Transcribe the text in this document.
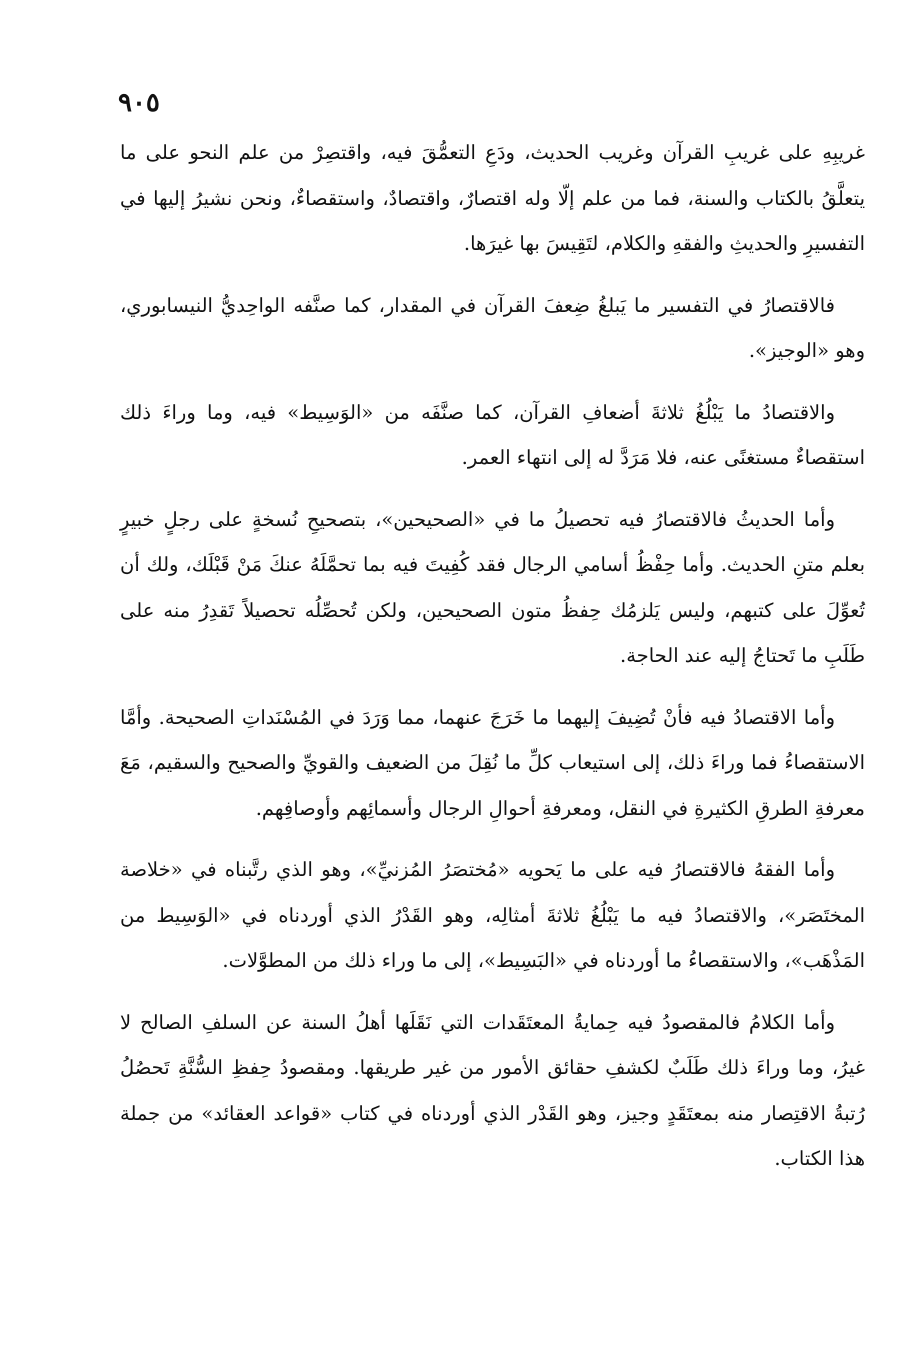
٩٠٥

غريبِهِ على غريبِ القرآن وغريب الحديث، ودَعِ التعمُّقَ فيه، واقتصِرْ من علم النحو على ما يتعلَّقُ بالكتاب والسنة، فما من علم إلّا وله اقتصارٌ، واقتصادٌ، واستقصاءٌ، ونحن نشيرُ إليها في التفسيرِ والحديثِ والفقهِ والكلام، لتَقِيسَ بها غيرَها.

فالاقتصارُ في التفسير ما يَبلغُ ضِعفَ القرآن في المقدار، كما صنَّفه الواحِديُّ النيسابوري، وهو «الوجيز».

والاقتصادُ ما يَبْلُغُ ثلاثةَ أضعافِ القرآن، كما صنَّفَه من «الوَسِيط» فيه، وما وراءَ ذلك استقصاءٌ مستغنًى عنه، فلا مَرَدَّ له إلى انتهاء العمر.

وأما الحديثُ فالاقتصارُ فيه تحصيلُ ما في «الصحيحين»، بتصحيحِ نُسخةٍ على رجلٍ خبيرٍ بعلم متنِ الحديث. وأما حِفْظُ أسامي الرجال فقد كُفِيتَ فيه بما تحمَّلَهُ عنكَ مَنْ قَبْلَك، ولك أن تُعوِّلَ على كتبهم، وليس يَلزمُك حِفظُ متون الصحيحين، ولكن تُحصِّلُه تحصيلاً تَقدِرُ منه على طَلَبِ ما تَحتاجُ إليه عند الحاجة.

وأما الاقتصادُ فيه فأنْ تُضِيفَ إليهما ما خَرَجَ عنهما، مما وَرَدَ في المُسْنَداتِ الصحيحة. وأمَّا الاستقصاءُ فما وراءَ ذلك، إلى استيعاب كلِّ ما نُقِلَ من الضعيف والقويِّ والصحيح والسقيم، مَعَ معرفةِ الطرقِ الكثيرةِ في النقل، ومعرفةِ أحوالِ الرجال وأسمائِهم وأوصافِهم.

وأما الفقهُ فالاقتصارُ فيه على ما يَحويه «مُختصَرُ المُزنيِّ»، وهو الذي رتَّبناه في «خلاصة المختَصَر»، والاقتصادُ فيه ما يَبْلُغُ ثلاثةَ أمثالِه، وهو القَدْرُ الذي أوردناه في «الوَسِيط من المَذْهَب»، والاستقصاءُ ما أوردناه في «البَسِيط»، إلى ما وراء ذلك من المطوَّلات.

وأما الكلامُ فالمقصودُ فيه حِمايةُ المعتَقَدات التي نَقَلَها أهلُ السنة عن السلفِ الصالح لا غيرُ، وما وراءَ ذلك طَلَبٌ لكشفِ حقائق الأمور من غير طريقها. ومقصودُ حِفظِ السُّنَّةِ تَحصُلُ رُتبةُ الاقتِصار منه بمعتَقَدٍ وجيز، وهو القَدْر الذي أوردناه في كتاب «قواعد العقائد» من جملة هذا الكتاب.
